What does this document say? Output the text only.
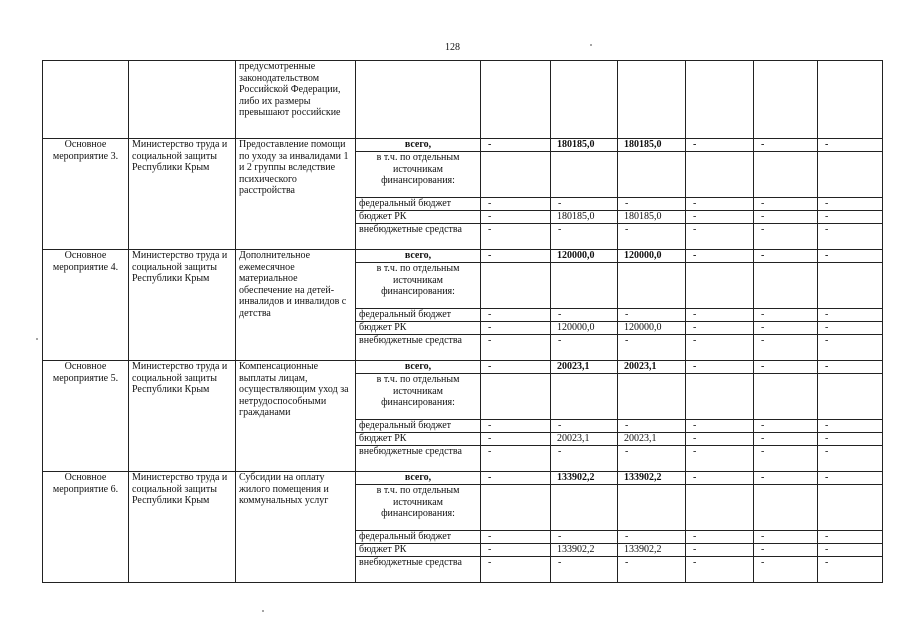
128
		предусмотренные законодательством Российской Федерации, либо их размеры превышают российские							
Основное мероприятие 3.	Министерство труда и социальной защиты Республики Крым	Предоставление помощи по уходу за инвалидами 1 и 2 группы вследствие психического расстройства	всего,	-	180185,0	180185,0	-	-	-
			в т.ч. по отдельным источникам финансирования:						
			федеральный бюджет	-	-	-	-	-	-
			бюджет РК	-	180185,0	180185,0	-	-	-
			внебюджетные средства	-	-	-	-	-	-
Основное мероприятие 4.	Министерство труда и социальной защиты Республики Крым	Дополнительное ежемесячное материальное обеспечение на детей-инвалидов и инвалидов с детства	всего,	-	120000,0	120000,0	-	-	-
			в т.ч. по отдельным источникам финансирования:						
			федеральный бюджет	-	-	-	-	-	-
			бюджет РК	-	120000,0	120000,0	-	-	-
			внебюджетные средства	-	-	-	-	-	-
Основное мероприятие 5.	Министерство труда и социальной защиты Республики Крым	Компенсационные выплаты лицам, осуществляющим уход за нетрудоспособными гражданами	всего,	-	20023,1	20023,1	-	-	-
			в т.ч. по отдельным источникам финансирования:						
			федеральный бюджет	-	-	-	-	-	-
			бюджет РК	-	20023,1	20023,1	-	-	-
			внебюджетные средства	-	-	-	-	-	-
Основное мероприятие 6.	Министерство труда и социальной защиты Республики Крым	Субсидии на оплату жилого помещения и коммунальных услуг	всего,	-	133902,2	133902,2	-	-	-
			в т.ч. по отдельным источникам финансирования:						
			федеральный бюджет	-	-	-	-	-	-
			бюджет РК	-	133902,2	133902,2	-	-	-
			внебюджетные средства	-	-	-	-	-	-
